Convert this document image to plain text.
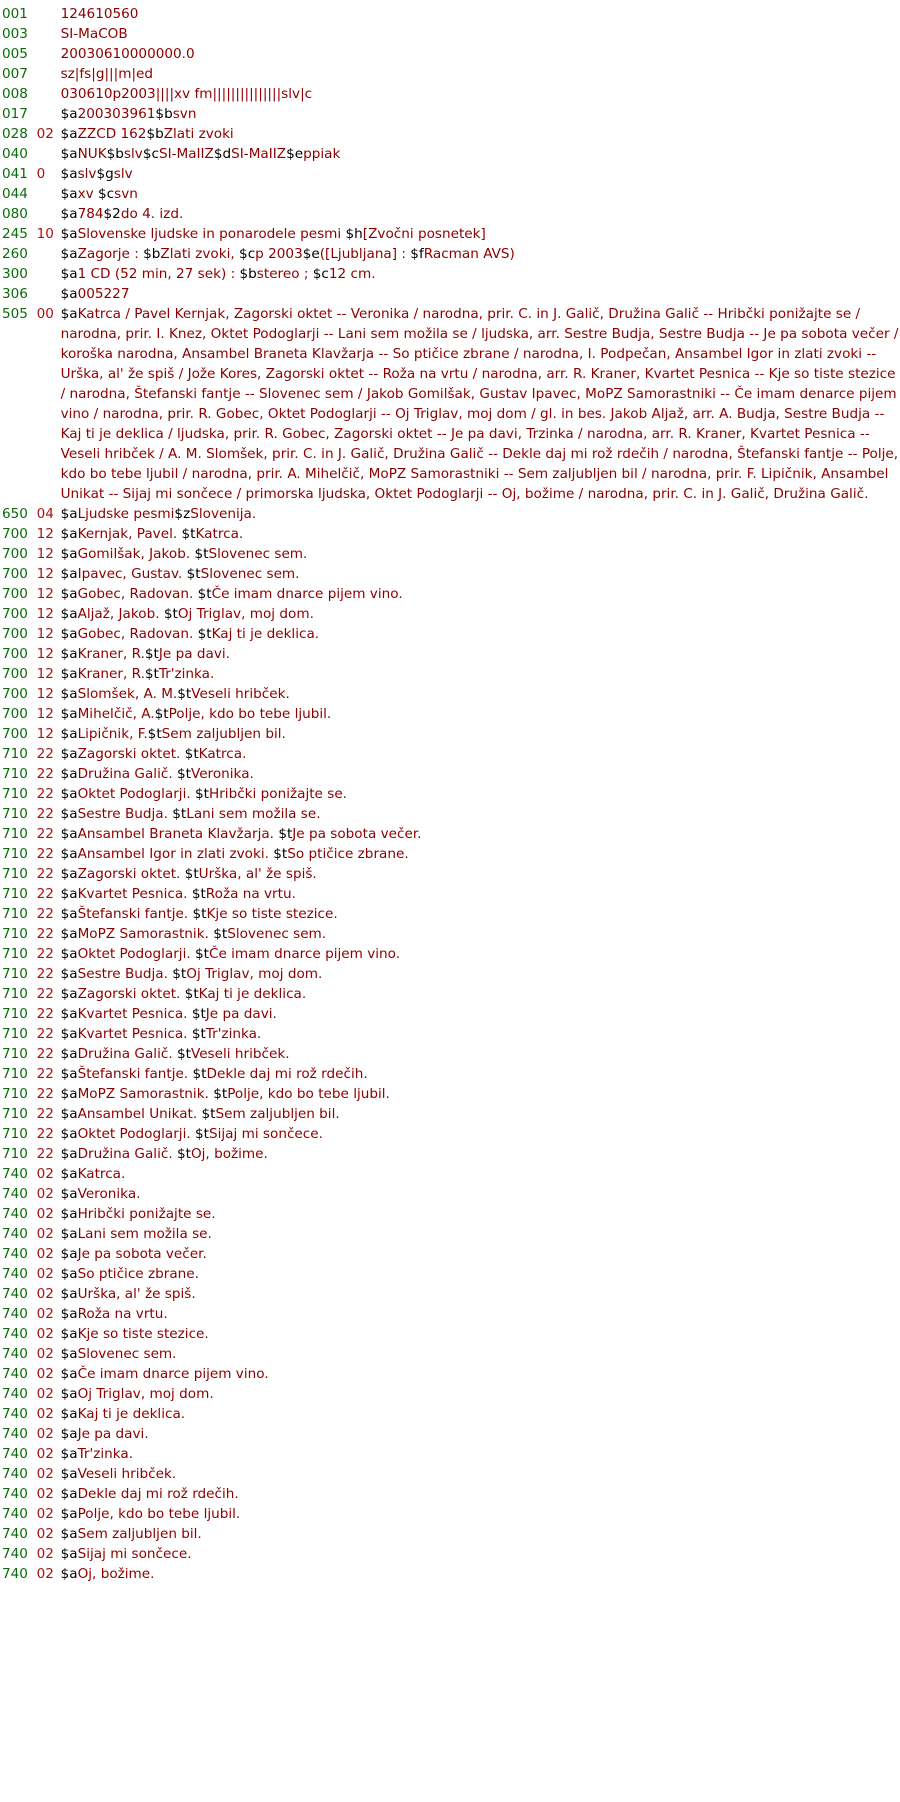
001	124610560
003	SI-MaCOB
005	20030610000000.0
007	sz|fs|g|||m|ed
008	030610p2003||||xv fm|||||||||||||||slv|c
017	$a200303961$bsvn
028 02 $aZZCD 162$bZlati zvoki
040	$aNUK$bslv$cSI-MaIIZ$dSI-MaIIZ$eppiak
041 0	$aslv$gslv
044	$axv $csvn
080	$a784$2do 4. izd.
245 10 $aSlovenske ljudske in ponarodele pesmi $h[Zvočni posnetek]
260	$aZagorje : $bZlati zvoki, $cp 2003$e([Ljubljana] : $fRacman AVS)
300	$a1 CD (52 min, 27 sek) : $bstereo ; $c12 cm.
306	$a005227
505 00 $aKatrca / Pavel Kernjak, Zagorski oktet -- Veronika / narodna, prir. C. in J. Galič, Družina Galič -- Hribčki ponižajte se / narodna, prir. I. Knez, Oktet Podoglarji -- Lani sem možila se / ljudska, arr. Sestre Budja, Sestre Budja -- Je pa sobota večer / koroška narodna, Ansambel Braneta Klavžarja -- So ptičice zbrane / narodna, I. Podpečan, Ansambel Igor in zlati zvoki -- Urška, al' že spiš / Jože Kores, Zagorski oktet -- Roža na vrtu / narodna, arr. R. Kraner, Kvartet Pesnica -- Kje so tiste stezice / narodna, Štefanski fantje -- Slovenec sem / Jakob Gomilšak, Gustav Ipavec, MoPZ Samorastniki -- Če imam denarce pijem vino / narodna, prir. R. Gobec, Oktet Podoglarji -- Oj Triglav, moj dom / gl. in bes. Jakob Aljaž, arr. A. Budja, Sestre Budja -- Kaj ti je deklica / ljudska, prir. R. Gobec, Zagorski oktet -- Je pa davi, Trzinka / narodna, arr. R. Kraner, Kvartet Pesnica -- Veseli hribček / A. M. Slomšek, prir. C. in J. Galič, Družina Galič -- Dekle daj mi rož rdečih / narodna, Štefanski fantje -- Polje, kdo bo tebe ljubil / narodna, prir. A. Mihelčič, MoPZ Samorastniki -- Sem zaljubljen bil / narodna, prir. F. Lipičnik, Ansambel Unikat -- Sijaj mi sončece / primorska ljudska, Oktet Podoglarji -- Oj, božime / narodna, prir. C. in J. Galič, Družina Galič.
650 04 $aLjudske pesmi$zSlovenija.
700 12 $aKernjak, Pavel. $tKatrca.
700 12 $aGomilšak, Jakob. $tSlovenec sem.
700 12 $aIpavec, Gustav. $tSlovenec sem.
700 12 $aGobec, Radovan. $tČe imam dnarce pijem vino.
700 12 $aAljaž, Jakob. $tOj Triglav, moj dom.
700 12 $aGobec, Radovan. $tKaj ti je deklica.
700 12 $aKraner, R.$tJe pa davi.
700 12 $aKraner, R.$tTr'zinka.
700 12 $aSlomšek, A. M.$tVeseli hribček.
700 12 $aMihelčič, A.$tPolje, kdo bo tebe ljubil.
700 12 $aLipičnik, F.$tSem zaljubljen bil.
710 22 $aZagorski oktet. $tKatrca.
710 22 $aDružina Galič. $tVeronika.
710 22 $aOktet Podoglarji. $tHribčki ponižajte se.
710 22 $aSestre Budja. $tLani sem možila se.
710 22 $aAnsambel Braneta Klavžarja. $tJe pa sobota večer.
710 22 $aAnsambel Igor in zlati zvoki. $tSo ptičice zbrane.
710 22 $aZagorski oktet. $tUrška, al' že spiš.
710 22 $aKvartet Pesnica. $tRoža na vrtu.
710 22 $aŠtefanski fantje. $tKje so tiste stezice.
710 22 $aMoPZ Samorastnik. $tSlovenec sem.
710 22 $aOktet Podoglarji. $tČe imam dnarce pijem vino.
710 22 $aSestre Budja. $tOj Triglav, moj dom.
710 22 $aZagorski oktet. $tKaj ti je deklica.
710 22 $aKvartet Pesnica. $tJe pa davi.
710 22 $aKvartet Pesnica. $tTr'zinka.
710 22 $aDružina Galič. $tVeseli hribček.
710 22 $aŠtefanski fantje. $tDekle daj mi rož rdečih.
710 22 $aMoPZ Samorastnik. $tPolje, kdo bo tebe ljubil.
710 22 $aAnsambel Unikat. $tSem zaljubljen bil.
710 22 $aOktet Podoglarji. $tSijaj mi sončece.
710 22 $aDružina Galič. $tOj, božime.
740 02 $aKatrca.
740 02 $aVeronika.
740 02 $aHribčki ponižajte se.
740 02 $aLani sem možila se.
740 02 $aJe pa sobota večer.
740 02 $aSo ptičice zbrane.
740 02 $aUrška, al' že spiš.
740 02 $aRoža na vrtu.
740 02 $aKje so tiste stezice.
740 02 $aSlovenec sem.
740 02 $aČe imam dnarce pijem vino.
740 02 $aOj Triglav, moj dom.
740 02 $aKaj ti je deklica.
740 02 $aJe pa davi.
740 02 $aTr'zinka.
740 02 $aVeseli hribček.
740 02 $aDekle daj mi rož rdečih.
740 02 $aPolje, kdo bo tebe ljubil.
740 02 $aSem zaljubljen bil.
740 02 $aSijaj mi sončece.
740 02 $aOj, božime.
